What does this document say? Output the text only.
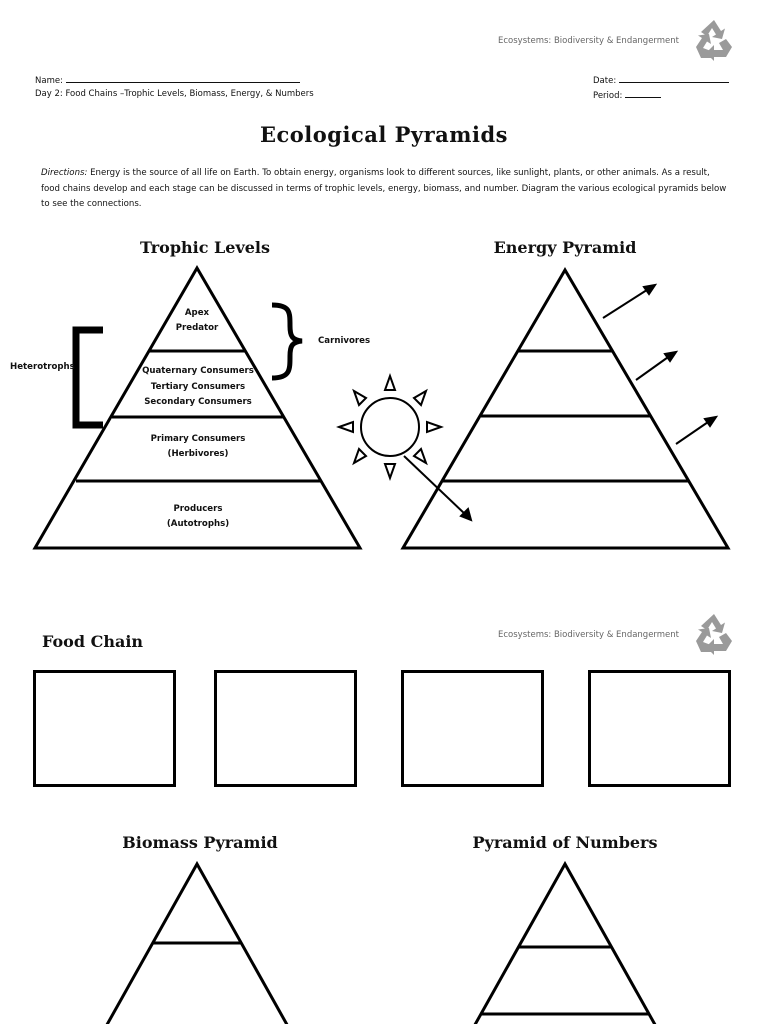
Ecosystems: Biodiversity & Endangerment
Name:
Day 2: Food Chains –Trophic Levels, Biomass, Energy, & Numbers
Date:
Period:
Ecological Pyramids
Directions: Energy is the source of all life on Earth. To obtain energy, organisms look to different sources, like sunlight, plants, or other animals. As a result, food chains develop and each stage can be discussed in terms of trophic levels, energy, biomass, and number. Diagram the various ecological pyramids below to see the connections.
Trophic Levels	Energy Pyramid
Apex
Predator
Quaternary Consumers
Tertiary Consumers
Secondary Consumers
Primary Consumers
(Herbivores)
Producers
(Autotrophs)
Heterotrophs
Carnivores
Ecosystems: Biodiversity & Endangerment
Food Chain
Biomass Pyramid	Pyramid of Numbers
